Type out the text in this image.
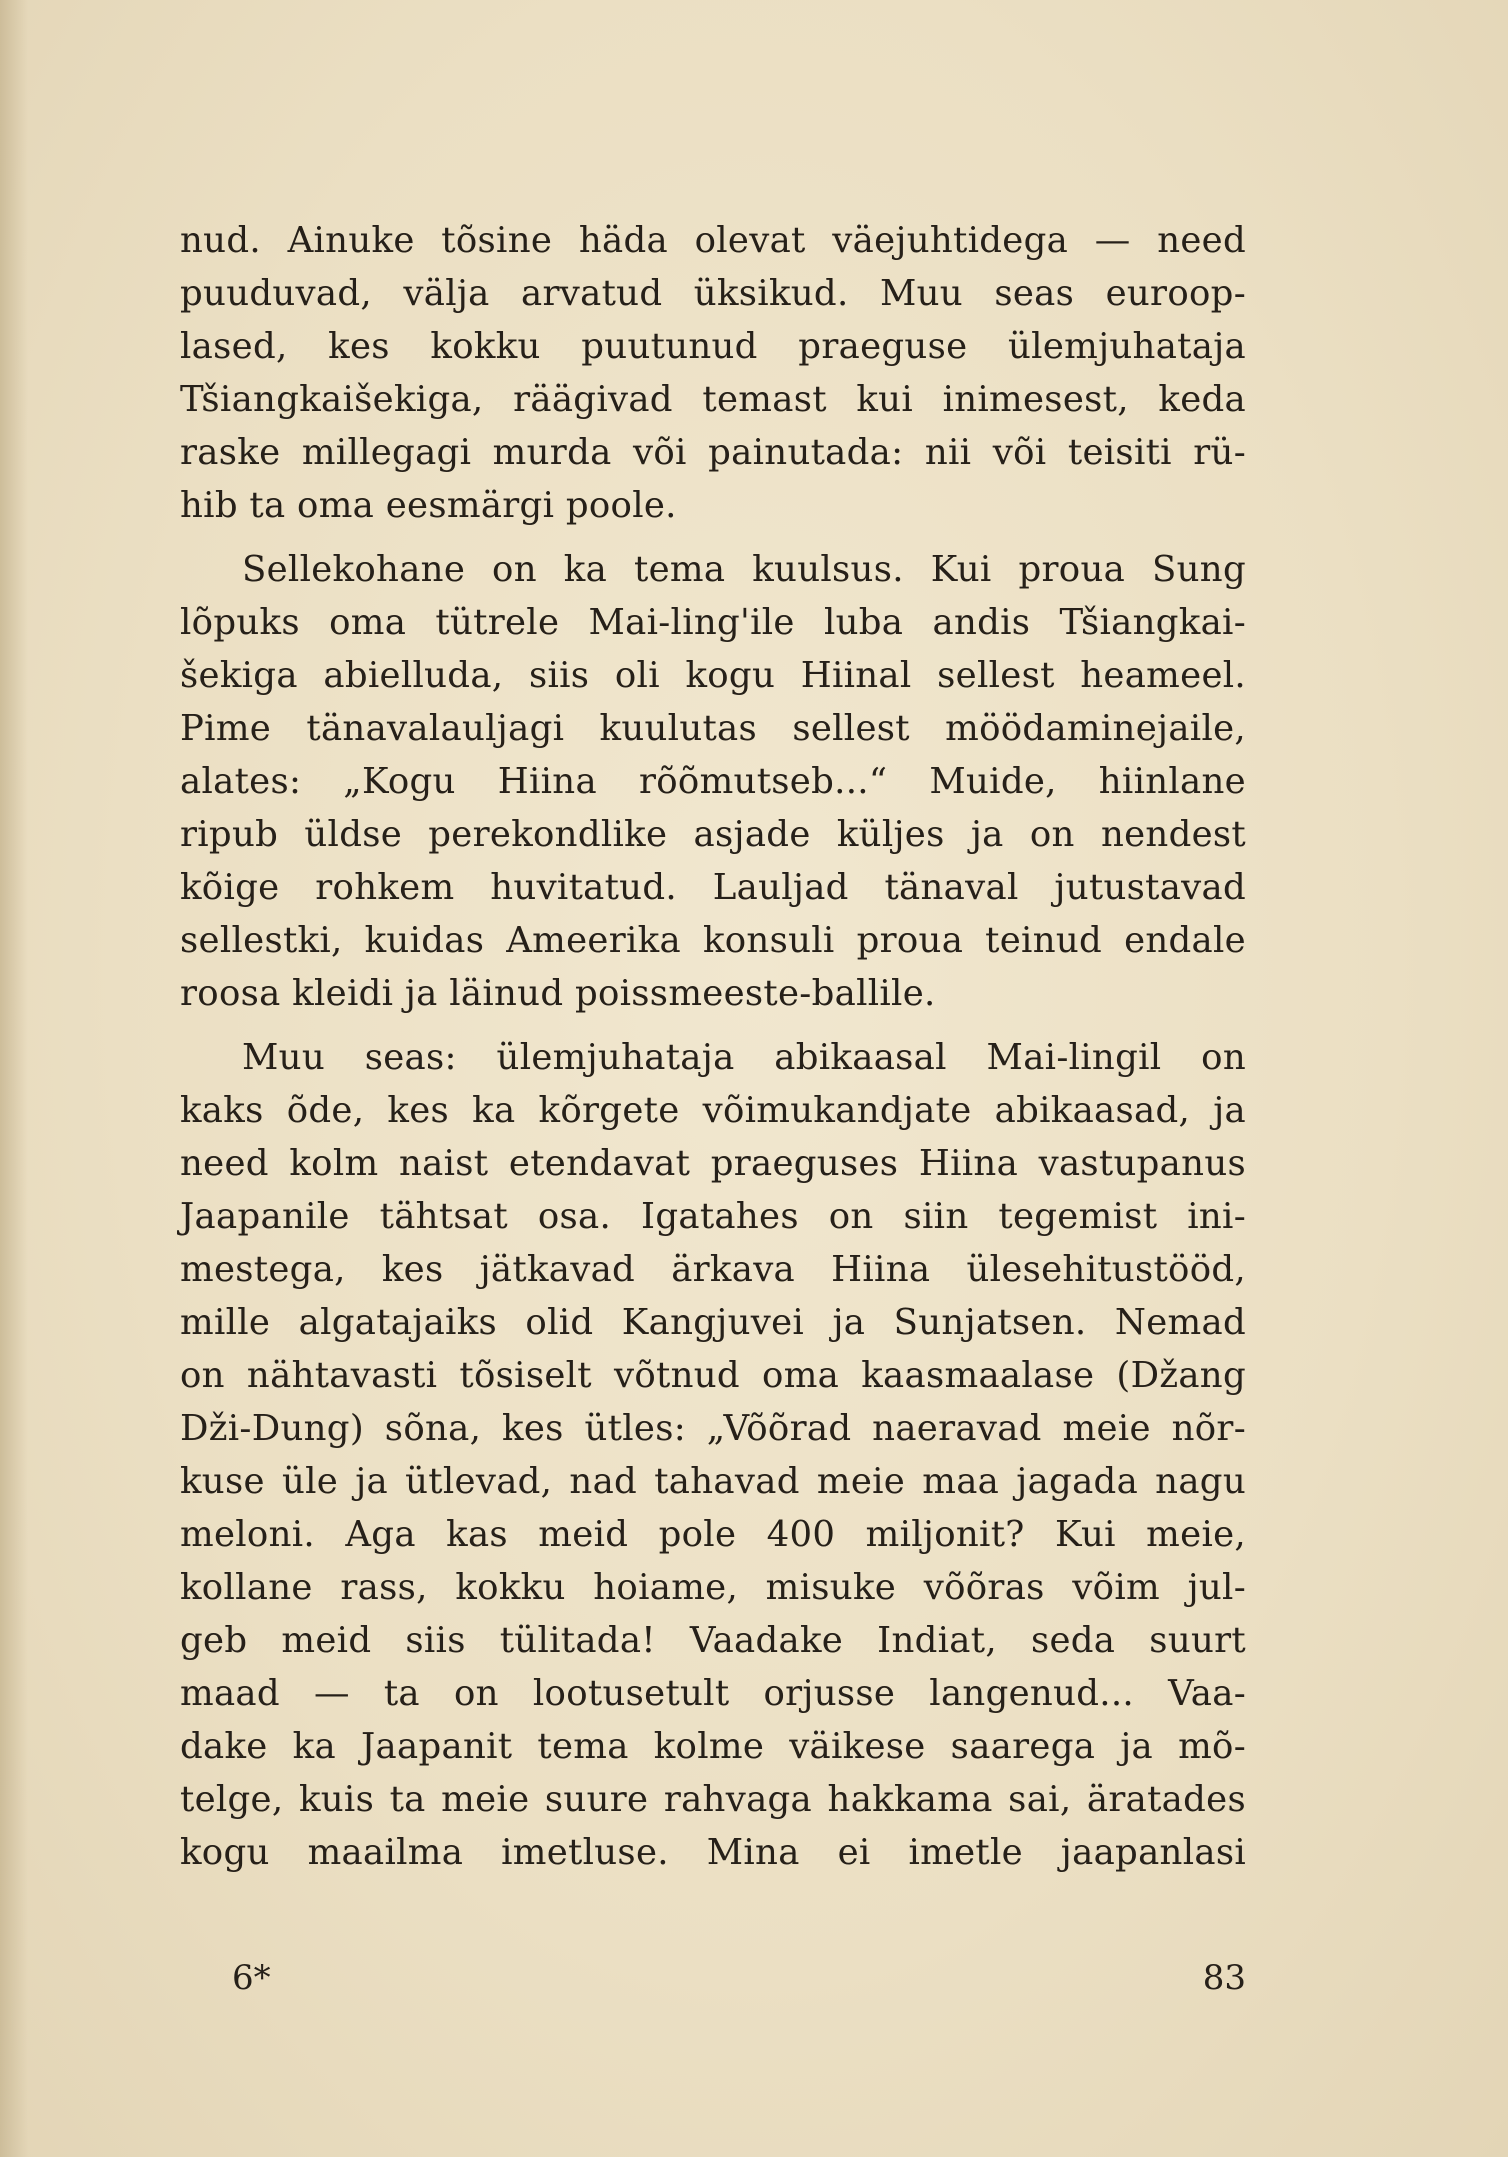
nud. Ainuke tõsine häda olevat väejuhtidega — need
puuduvad, välja arvatud üksikud. Muu seas euroop-
lased, kes kokku puutunud praeguse ülemjuhataja
Tšiangkaišekiga, räägivad temast kui inimesest, keda
raske millegagi murda või painutada: nii või teisiti rü-
hib ta oma eesmärgi poole.
Sellekohane on ka tema kuulsus. Kui proua Sung
lõpuks oma tütrele Mai-ling'ile luba andis Tšiangkai-
šekiga abielluda, siis oli kogu Hiinal sellest heameel.
Pime tänavalauljagi kuulutas sellest möödaminejaile,
alates: „Kogu Hiina rõõmutseb...“ Muide, hiinlane
ripub üldse perekondlike asjade küljes ja on nendest
kõige rohkem huvitatud. Lauljad tänaval jutustavad
sellestki, kuidas Ameerika konsuli proua teinud endale
roosa kleidi ja läinud poissmeeste-ballile.
Muu seas: ülemjuhataja abikaasal Mai-lingil on
kaks õde, kes ka kõrgete võimukandjate abikaasad, ja
need kolm naist etendavat praeguses Hiina vastupanus
Jaapanile tähtsat osa. Igatahes on siin tegemist ini-
mestega, kes jätkavad ärkava Hiina ülesehitustööd,
mille algatajaiks olid Kangjuvei ja Sunjatsen. Nemad
on nähtavasti tõsiselt võtnud oma kaasmaalase (Džang
Dži-Dung) sõna, kes ütles: „Võõrad naeravad meie nõr-
kuse üle ja ütlevad, nad tahavad meie maa jagada nagu
meloni. Aga kas meid pole 400 miljonit? Kui meie,
kollane rass, kokku hoiame, misuke võõras võim jul-
geb meid siis tülitada! Vaadake Indiat, seda suurt
maad — ta on lootusetult orjusse langenud... Vaa-
dake ka Jaapanit tema kolme väikese saarega ja mõ-
telge, kuis ta meie suure rahvaga hakkama sai, äratades
kogu maailma imetluse. Mina ei imetle jaapanlasi
6*	83
